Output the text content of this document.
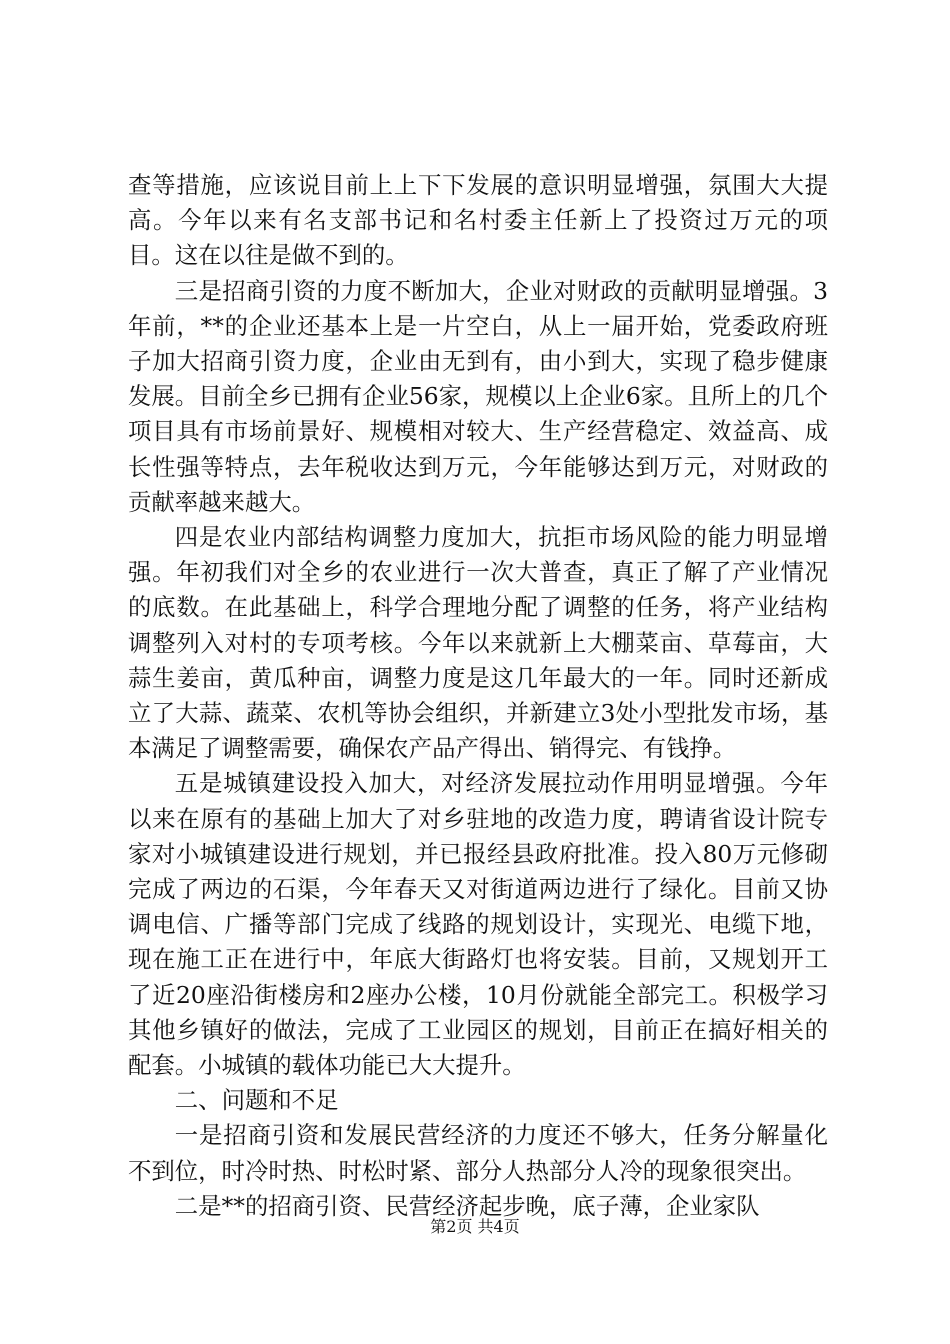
查等措施，应该说目前上上下下发展的意识明显增强，氛围大大提高。今年以来有名支部书记和名村委主任新上了投资过万元的项目。这在以往是做不到的。

三是招商引资的力度不断加大，企业对财政的贡献明显增强。3年前，**的企业还基本上是一片空白，从上一届开始，党委政府班子加大招商引资力度，企业由无到有，由小到大，实现了稳步健康发展。目前全乡已拥有企业56家，规模以上企业6家。且所上的几个项目具有市场前景好、规模相对较大、生产经营稳定、效益高、成长性强等特点，去年税收达到万元，今年能够达到万元，对财政的贡献率越来越大。

四是农业内部结构调整力度加大，抗拒市场风险的能力明显增强。年初我们对全乡的农业进行一次大普查，真正了解了产业情况的底数。在此基础上，科学合理地分配了调整的任务，将产业结构调整列入对村的专项考核。今年以来就新上大棚菜亩、草莓亩，大蒜生姜亩，黄瓜种亩，调整力度是这几年最大的一年。同时还新成立了大蒜、蔬菜、农机等协会组织，并新建立3处小型批发市场，基本满足了调整需要，确保农产品产得出、销得完、有钱挣。

五是城镇建设投入加大，对经济发展拉动作用明显增强。今年以来在原有的基础上加大了对乡驻地的改造力度，聘请省设计院专家对小城镇建设进行规划，并已报经县政府批准。投入80万元修砌完成了两边的石渠，今年春天又对街道两边进行了绿化。目前又协调电信、广播等部门完成了线路的规划设计，实现光、电缆下地，现在施工正在进行中，年底大街路灯也将安装。目前，又规划开工了近20座沿街楼房和2座办公楼，10月份就能全部完工。积极学习其他乡镇好的做法，完成了工业园区的规划，目前正在搞好相关的配套。小城镇的载体功能已大大提升。

二、问题和不足

一是招商引资和发展民营经济的力度还不够大，任务分解量化不到位，时冷时热、时松时紧、部分人热部分人冷的现象很突出。

二是**的招商引资、民营经济起步晚，底子薄，企业家队

第2页 共4页
